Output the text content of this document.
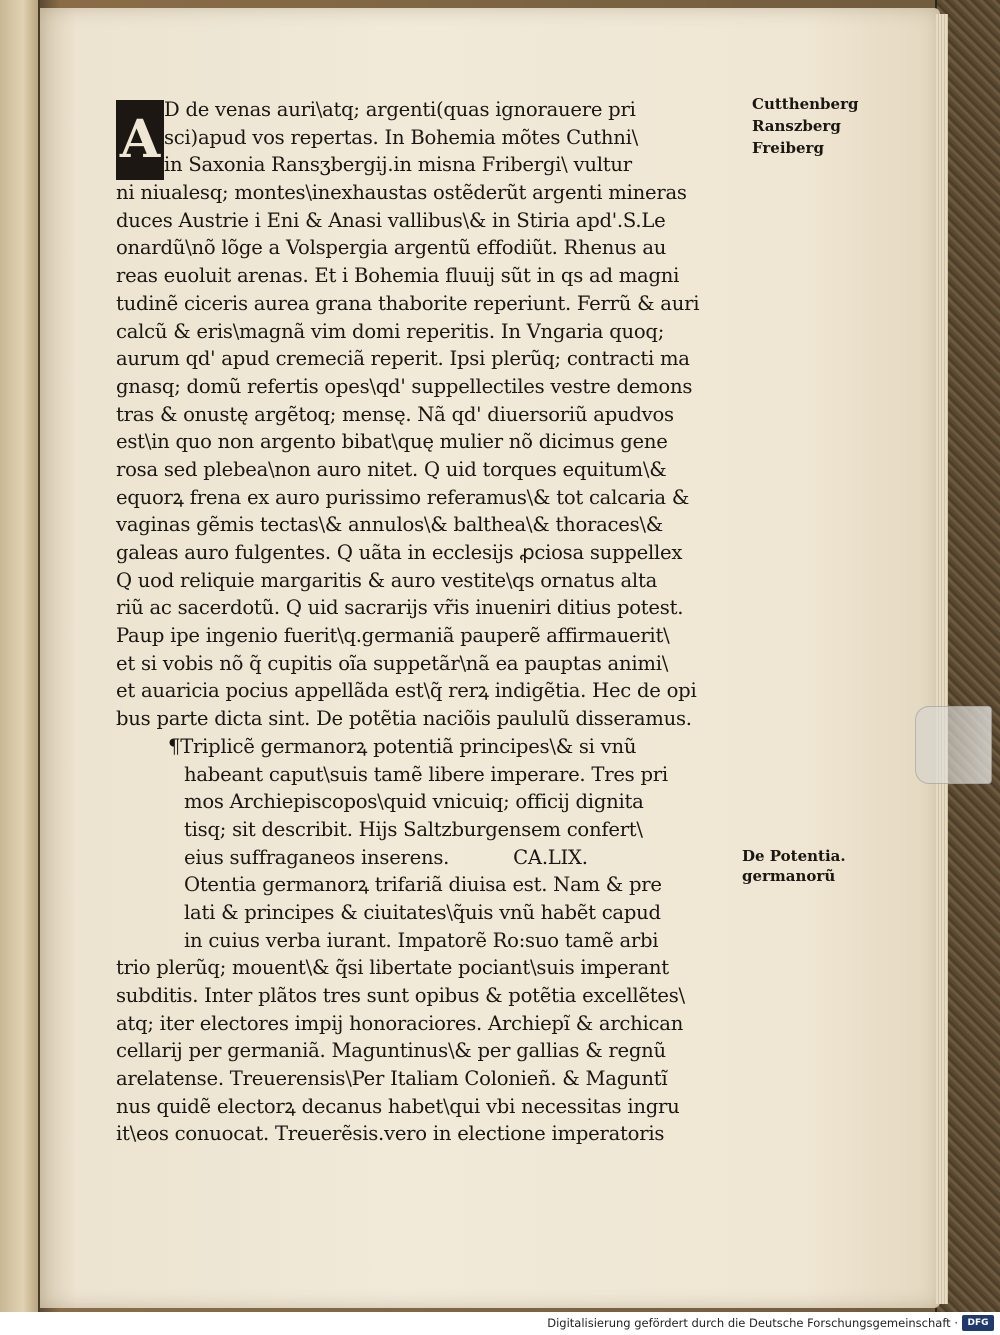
A D de venas auri\atq; argenti(quas ignorauere pri
sci)apud vos repertas. In Bohemia mõtes Cuthni\
in Saxonia Ransʒbergij.in misna Fribergi\ vultur
ni niualesq; montes\inexhaustas ostẽderũt argenti mineras
duces Austrie i Eni & Anasi vallibus\& in Stiria apd'.S.Le
onardũ\nõ lõge a Volspergia argentũ effodiũt. Rhenus au
reas euoluit arenas. Et i Bohemia fluuij sũt in qs ad magni
tudinẽ ciceris aurea grana thaborite reperiunt. Ferrũ & auri
calcũ & eris\magnã vim domi reperitis. In Vngaria quoq;
aurum qd' apud cremeciã reperit. Ipsi plerũq; contracti ma
gnasq; domũ refertis opes\qd' suppellectiles vestre demons
tras & onustę argẽtoq; mensę. Nã qd' diuersoriũ apudvos
est\in quo non argento bibat\quę mulier nõ dicimus gene
rosa sed plebea\non auro nitet. Q uid torques equitum\&
equorꝝ frena ex auro purissimo referamus\& tot calcaria &
vaginas gẽmis tectas\& annulos\& balthea\& thoraces\&
galeas auro fulgentes. Q uãta in ecclesijs ꝓciosa suppellex
Q uod reliquie margaritis & auro vestite\qs ornatus alta
riũ ac sacerdotũ. Q uid sacrarijs vr̃is inueniri ditius potest.
Paup ipe ingenio fuerit\q.germaniã pauperẽ affirmauerit\
et si vobis nõ q̃ cupitis oĩa suppetãr\nã ea pauptas animi\
et auaricia pocius appellãda est\q̃ rerꝝ indigẽtia. Hec de opi
bus parte dicta sint. De potẽtia naciõis paululũ disseramus.
¶Triplicẽ germanorꝝ potentiã principes\& si vnũ
habeant caput\suis tamẽ libere imperare. Tres pri
mos Archiepiscopos\quid vnicuiq; officij dignita
tisq; sit describit. Hijs Saltzburgensem confert\
eius suffraganeos inserens.	CA.LIX.
Otentia germanorꝝ trifariã diuisa est. Nam & pre
lati & principes & ciuitates\q̃uis vnũ habẽt capud
in cuius verba iurant. Impatorẽ Ro:suo tamẽ arbi
trio plerũq; mouent\& q̃si libertate pociant\suis imperant
subditis. Inter plãtos tres sunt opibus & potẽtia excellẽtes\
atq; iter electores impij honoraciores. Archiepĩ & archican
cellarij per germaniã. Maguntinus\& per gallias & regnũ
arelatense. Treuerensis\Per Italiam Colonieñ. & Maguntĩ
nus quidẽ electorꝝ decanus habet\qui vbi necessitas ingru
it\eos conuocat. Treuerẽsis.vero in electione imperatoris
Cutthenberg
Ranszberg
Freiberg
De Potentia.
germanorũ
Digitalisierung gefördert durch die Deutsche Forschungsgemeinschaft ·	DFG
